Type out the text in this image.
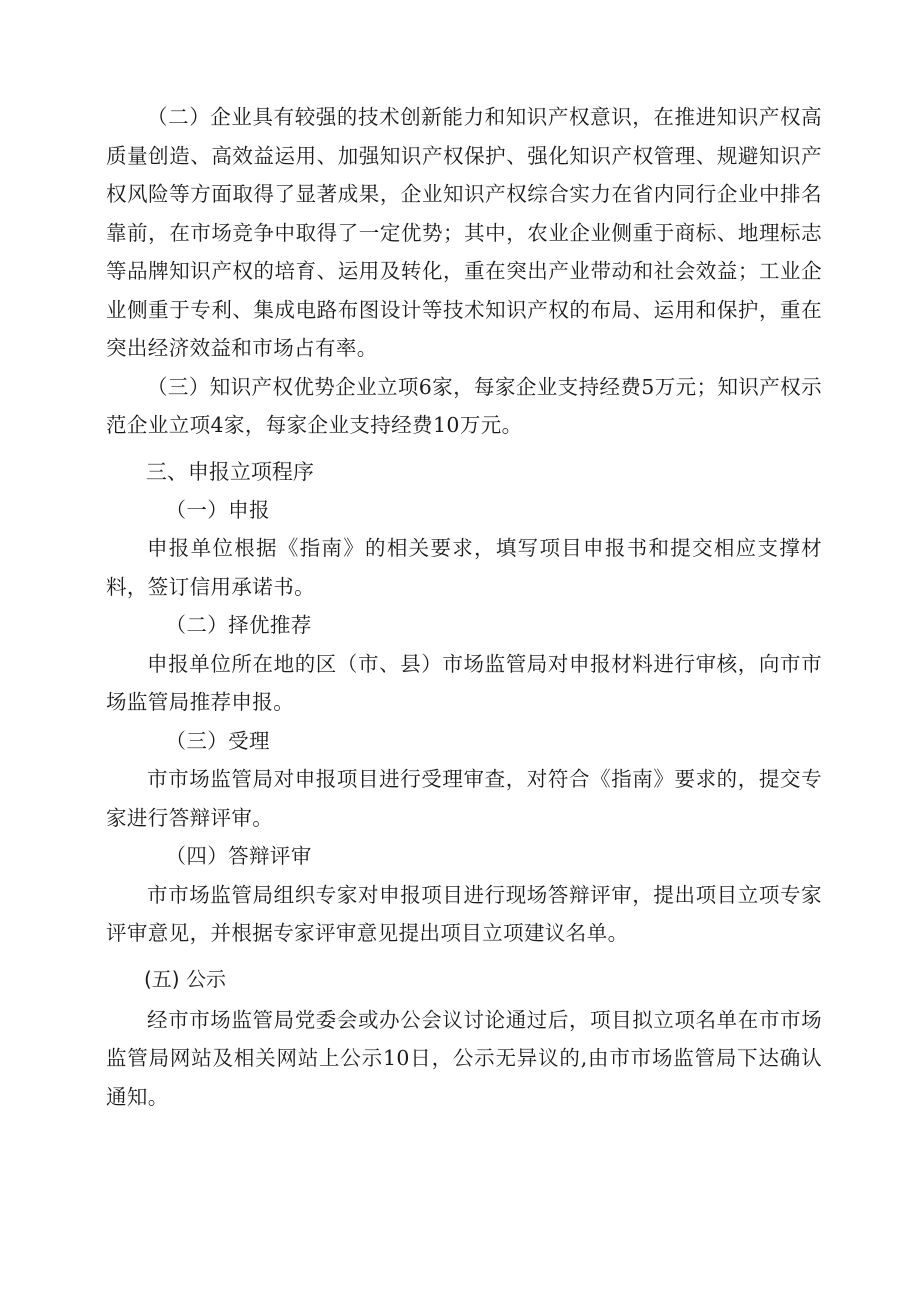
（二）企业具有较强的技术创新能力和知识产权意识，在推进知识产权高质量创造、高效益运用、加强知识产权保护、强化知识产权管理、规避知识产权风险等方面取得了显著成果，企业知识产权综合实力在省内同行企业中排名靠前，在市场竞争中取得了一定优势；其中，农业企业侧重于商标、地理标志等品牌知识产权的培育、运用及转化，重在突出产业带动和社会效益；工业企业侧重于专利、集成电路布图设计等技术知识产权的布局、运用和保护，重在突出经济效益和市场占有率。

（三）知识产权优势企业立项6家，每家企业支持经费5万元；知识产权示范企业立项4家，每家企业支持经费10万元。

三、申报立项程序

（一）申报

申报单位根据《指南》的相关要求，填写项目申报书和提交相应支撑材料，签订信用承诺书。

（二）择优推荐

申报单位所在地的区（市、县）市场监管局对申报材料进行审核，向市市场监管局推荐申报。

（三）受理

市市场监管局对申报项目进行受理审查，对符合《指南》要求的，提交专家进行答辩评审。

（四）答辩评审

市市场监管局组织专家对申报项目进行现场答辩评审，提出项目立项专家评审意见，并根据专家评审意见提出项目立项建议名单。

(五) 公示

经市市场监管局党委会或办公会议讨论通过后，项目拟立项名单在市市场监管局网站及相关网站上公示10日，公示无异议的,由市市场监管局下达确认通知。
